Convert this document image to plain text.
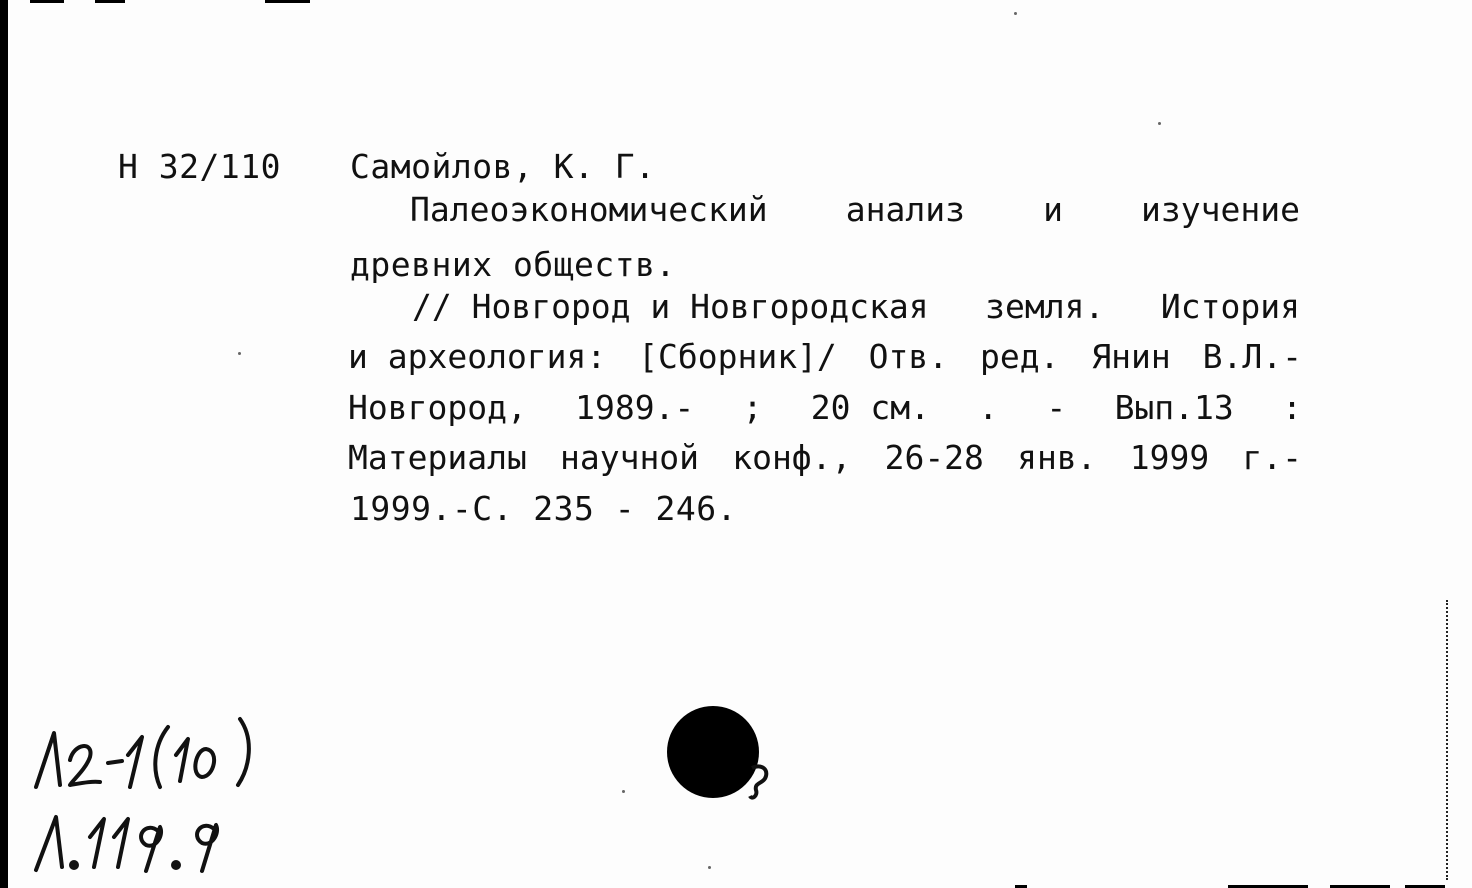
Н 32/110 Самойлов, К. Г.
Палеоэкономический анализ и изучение
древних обществ.
// Новгород и Новгородская земля. История
и археология: [Сборник]/ Отв. ред. Янин В.Л.-
Новгород, 1989.- ; 20 см. . - Вып.13 :
Материалы научной конф., 26-28 янв. 1999 г.-
1999.-С. 235 - 246.
